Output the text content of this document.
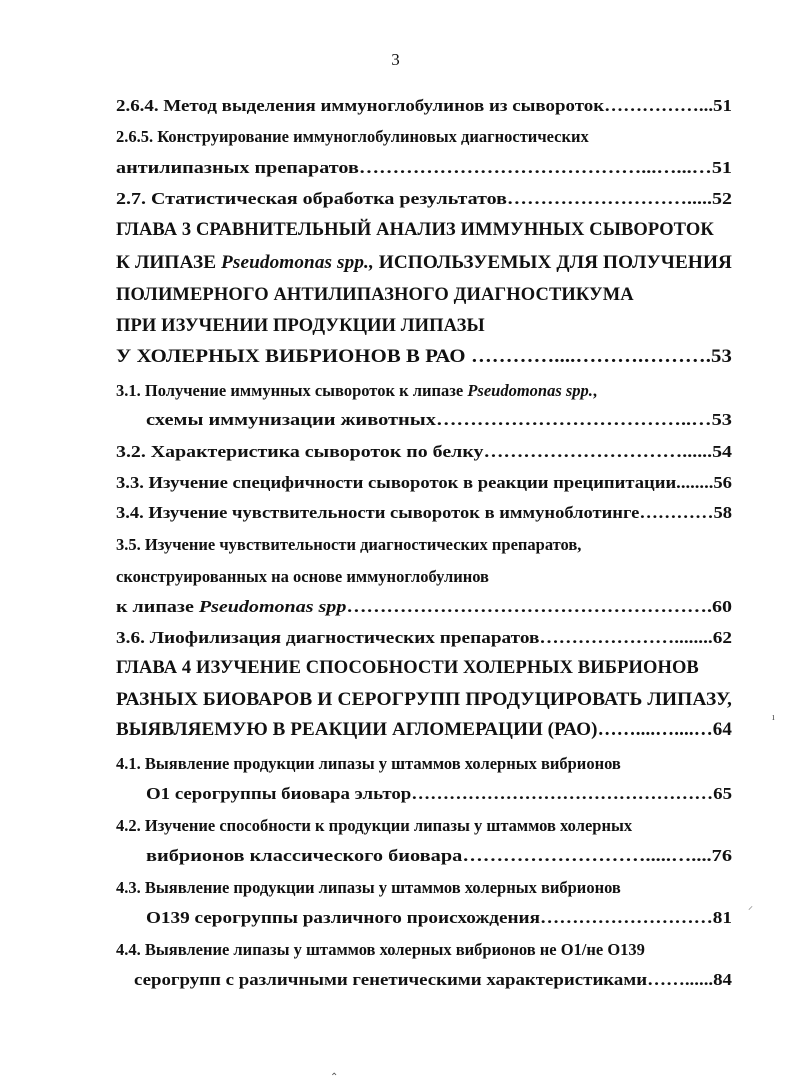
3
2.6.4. Метод выделения иммуноглобулинов из сывороток……………...51
2.6.5. Конструирование иммуноглобулиновых диагностических
антилипазных препаратов……………………………………...…...…51
2.7. Статистическая обработка результатов……………………….....52
ГЛАВА 3 СРАВНИТЕЛЬНЫЙ АНАЛИЗ ИММУННЫХ СЫВОРОТОК
К ЛИПАЗЕ Pseudomonas spp., ИСПОЛЬЗУЕМЫХ ДЛЯ ПОЛУЧЕНИЯ
ПОЛИМЕРНОГО АНТИЛИПАЗНОГО ДИАГНОСТИКУМА
ПРИ ИЗУЧЕНИИ ПРОДУКЦИИ ЛИПАЗЫ
У ХОЛЕРНЫХ ВИБРИОНОВ В РАО …………....……….……….53
3.1. Получение иммунных сывороток к липазе Pseudomonas spp.,
схемы иммунизации животных………………………………..…53
3.2. Характеристика сывороток по белку…………………………......54
3.3. Изучение специфичности сывороток в реакции преципитации........56
3.4. Изучение чувствительности сывороток в иммуноблотинге…………58
3.5. Изучение чувствительности диагностических препаратов,
сконструированных на основе иммуноглобулинов
к липазе Pseudomonas spp……………………………………………….60
3.6. Лиофилизация диагностических препаратов…………………........62
ГЛАВА 4 ИЗУЧЕНИЕ СПОСОБНОСТИ ХОЛЕРНЫХ ВИБРИОНОВ
РАЗНЫХ БИОВАРОВ И СЕРОГРУПП ПРОДУЦИРОВАТЬ ЛИПАЗУ,
ВЫЯВЛЯЕМУЮ В РЕАКЦИИ АГЛОМЕРАЦИИ (РАО)……....…....…64
4.1. Выявление продукции липазы у штаммов холерных вибрионов
О1 серогруппы биовара эльтор…………………………………………65
4.2. Изучение способности к продукции липазы у штаммов холерных
вибрионов классического биовара……………………….....…....76
4.3. Выявление продукции липазы у штаммов холерных вибрионов
О139 серогруппы различного происхождения………………………81
4.4. Выявление липазы у штаммов холерных вибрионов не О1/не О139
серогрупп с различными генетическими характеристиками……......84
ı
⸝
⌃
